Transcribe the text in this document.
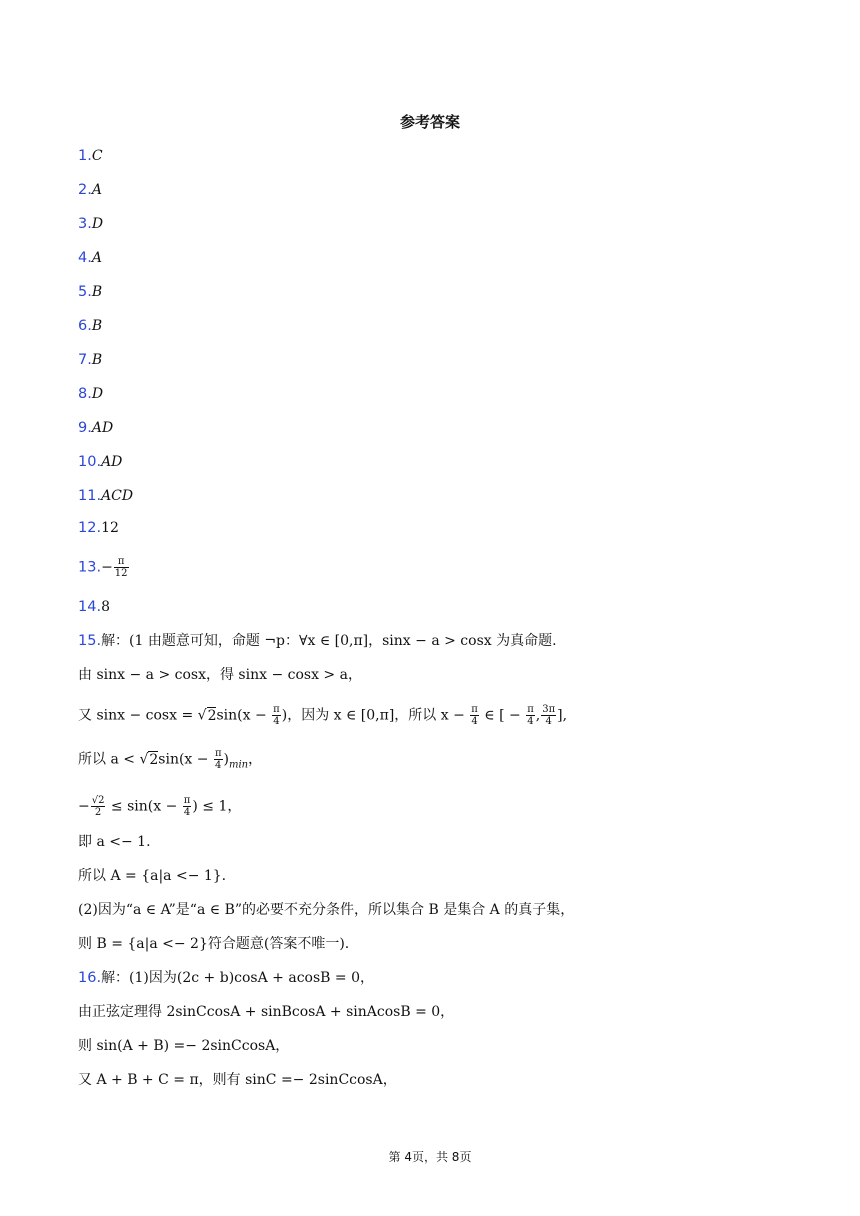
参考答案
1.C
2.A
3.D
4.A
5.B
6.B
7.B
8.D
9.AD
10.AD
11.ACD
12.12
$13.- \frac{\pi}{12}$
14.8
15.解：(1 由题意可知，命题 ¬p：∀x ∈ [0,π]，sinx − a > cosx 为真命题.
由 sinx − a > cosx，得 sinx − cosx > a，
又 $\sin x - \cos x = √2\sin(x - \frac{\pi}{4}$ )，因为 x ∈ [0,π]，所以 $x - \frac{\pi}{4}$ ∈ [ − $\frac{\pi}{4}$ , $\frac{3\pi}{4}$ ],
所以 $a < √2\sin(x - \frac{\pi}{4} )_{min}$，
− $\frac{√2}{2} \le \sin(x - \frac{\pi}{4}$ ) ≤ 1，
即 a <− 1.
所以 A = {a|a <− 1}.
(2)因为“a ∈ A”是“a ∈ B”的必要不充分条件，所以集合 B 是集合 A 的真子集，
则 B = {a|a <− 2}符合题意(答案不唯一).
16.解：(1)因为(2c + b)cosA + acosB = 0，
由正弦定理得 2sinCcosA + sinBcosA + sinAcosB = 0，
则 sin(A + B) =− 2sinCcosA，
又 A + B + C = π，则有 sinC =− 2sinCcosA，
第 4页，共 8页
